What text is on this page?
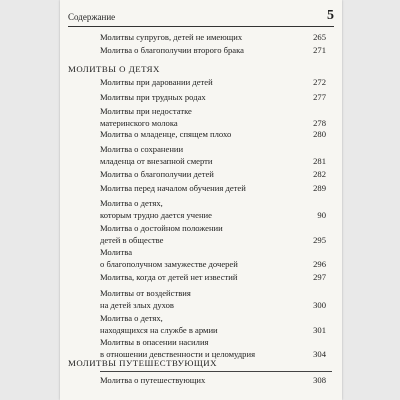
Содержание	5
Молитвы супругов, детей не имеющих	265
Молитва о благополучии второго брака	271
МОЛИТВЫ О ДЕТЯХ
Молитвы при даровании детей	272
Молитвы при трудных родах	277
Молитвы при недостатке
материнского молока	278
Молитва о младенце, спящем плохо	280
Молитва о сохранении
младенца от внезапной смерти	281
Молитва о благополучии детей	282
Молитва перед началом обучения детей	289
Молитва о детях,
которым трудно дается учение	90
Молитва о достойном положении
детей в обществе	295
Молитва
о благополучном замужестве дочерей	296
Молитва, когда от детей нет известий	297
Молитвы от воздействия
на детей злых духов	300
Молитва о детях,
находящихся на службе в армии	301
Молитвы в опасении насилия
в отношении девственности и целомудрия	304
МОЛИТВЫ ПУТЕШЕСТВУЮЩИХ
Молитва о путешествующих	308
